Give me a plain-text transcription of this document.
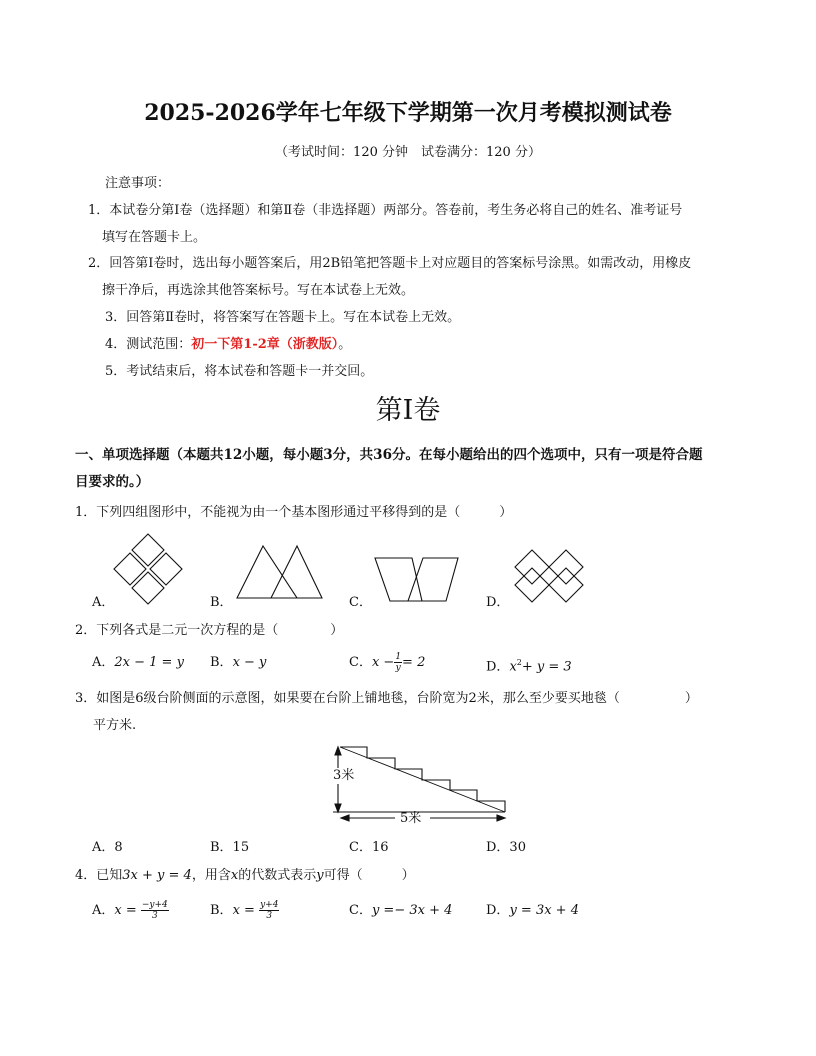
2025-2026学年七年级下学期第一次月考模拟测试卷
（考试时间：120 分钟　试卷满分：120 分）
注意事项：
1．本试卷分第Ⅰ卷（选择题）和第Ⅱ卷（非选择题）两部分。答卷前，考生务必将自己的姓名、准考证号
填写在答题卡上。
2．回答第Ⅰ卷时，选出每小题答案后，用2B铅笔把答题卡上对应题目的答案标号涂黑。如需改动，用橡皮
擦干净后，再选涂其他答案标号。写在本试卷上无效。
3．回答第Ⅱ卷时，将答案写在答题卡上。写在本试卷上无效。
4．测试范围：初一下第1-2章（浙教版）。
5．考试结束后，将本试卷和答题卡一并交回。
第Ⅰ卷
一、单项选择题（本题共12小题，每小题3分，共36分。在每小题给出的四个选项中，只有一项是符合题
目要求的。）
1．下列四组图形中，不能视为由一个基本图形通过平移得到的是（　　　）
A．	B．	C．	D．
2．下列各式是二元一次方程的是（　　　　）
A．2x − 1 = y B．x − y	C．$x - \frac{1}{y} = 2$	D．$x^2+ y = 3$
3．如图是6级台阶侧面的示意图，如果要在台阶上铺地毯，台阶宽为2米，那么至少要买地毯（　　　　　）
平方米.
3米
5米
A．8	B．15	C．16	D．30
4．已知3x + y = 4，用含x的代数式表示y可得（　　　）
A．$x = \frac{-y+4}{3}$	B．$x = \frac{y+4}{3}$	C．y =− 3x + 4	D．y = 3x + 4
